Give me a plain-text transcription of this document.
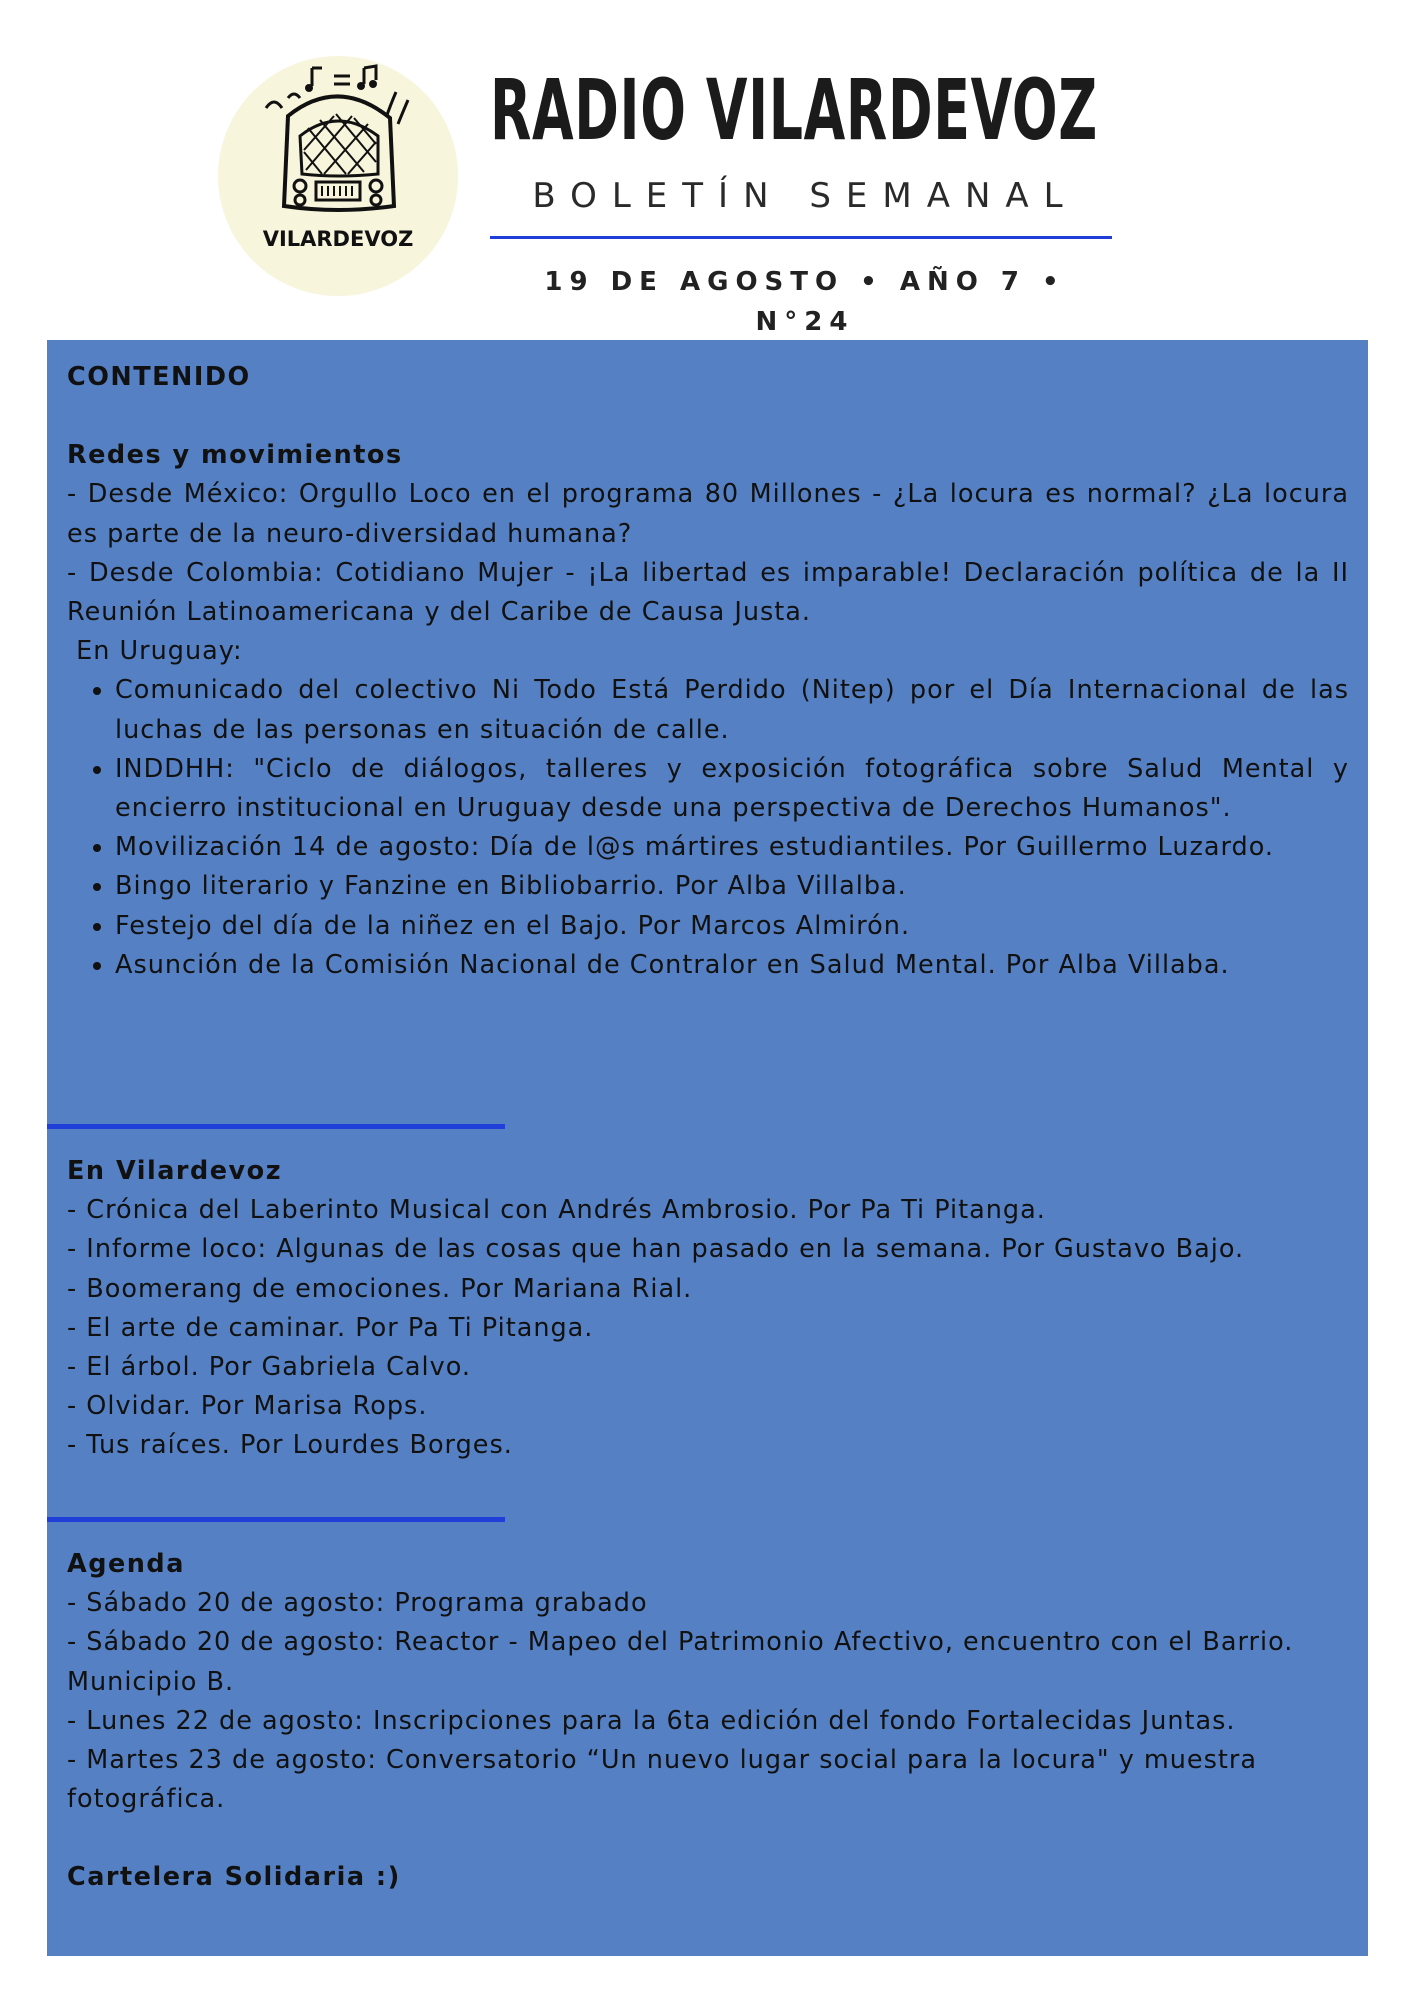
VILARDEVOZ
RADIO VILARDEVOZ
BOLETÍN SEMANAL
19 DE AGOSTO • AÑO 7 • N°24

CONTENIDO

Redes y movimientos

- Desde México: Orgullo Loco en el programa 80 Millones - ¿La locura es normal? ¿La locura es parte de la neuro-diversidad humana?

- Desde Colombia: Cotidiano Mujer - ¡La libertad es imparable! Declaración política de la II Reunión Latinoamericana y del Caribe de Causa Justa.

En Uruguay:

• Comunicado del colectivo Ni Todo Está Perdido (Nitep) por el Día Internacional de las luchas de las personas en situación de calle.
• INDDHH: "Ciclo de diálogos, talleres y exposición fotográfica sobre Salud Mental y encierro institucional en Uruguay desde una perspectiva de Derechos Humanos".
• Movilización 14 de agosto: Día de l@s mártires estudiantiles. Por Guillermo Luzardo.
• Bingo literario y Fanzine en Bibliobarrio. Por Alba Villalba.
• Festejo del día de la niñez en el Bajo. Por Marcos Almirón.
• Asunción de la Comisión Nacional de Contralor en Salud Mental. Por Alba Villaba.

En Vilardevoz

- Crónica del Laberinto Musical con Andrés Ambrosio. Por Pa Ti Pitanga.

- Informe loco: Algunas de las cosas que han pasado en la semana. Por Gustavo Bajo.

- Boomerang de emociones. Por Mariana Rial.

- El arte de caminar. Por Pa Ti Pitanga.

- El árbol. Por Gabriela Calvo.

- Olvidar. Por Marisa Rops.

- Tus raíces. Por Lourdes Borges.

Agenda

- Sábado 20 de agosto: Programa grabado

- Sábado 20 de agosto: Reactor - Mapeo del Patrimonio Afectivo, encuentro con el Barrio. Municipio B.

- Lunes 22 de agosto: Inscripciones para la 6ta edición del fondo Fortalecidas Juntas.

- Martes 23 de agosto: Conversatorio “Un nuevo lugar social para la locura" y muestra fotográfica.

Cartelera Solidaria :)
